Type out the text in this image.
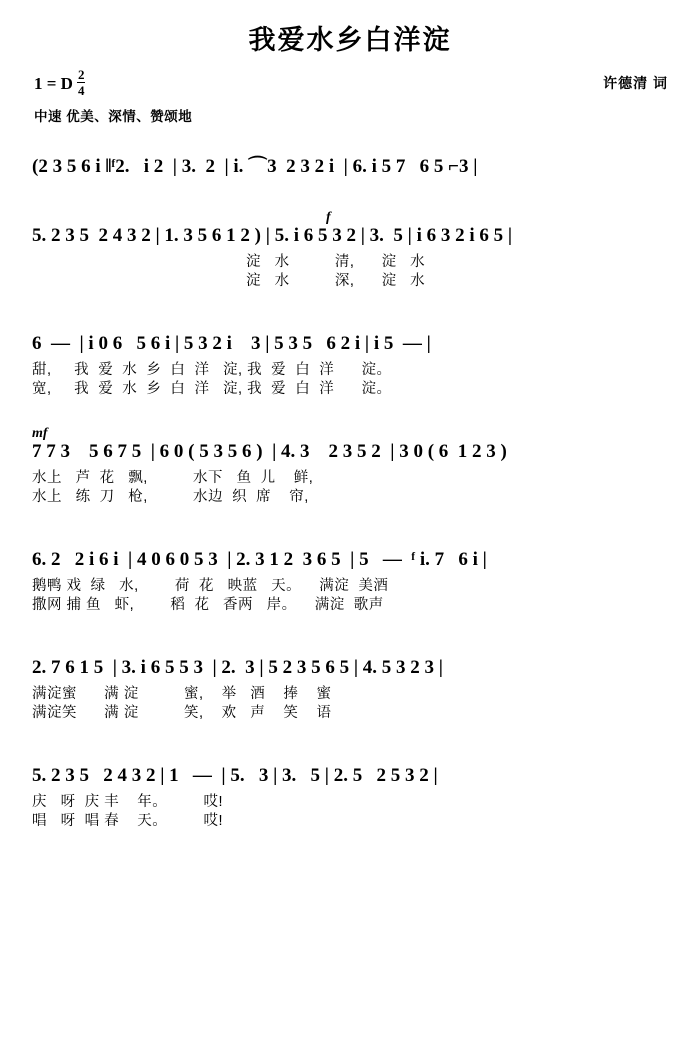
我爱水乡白洋淀
1 = D $\frac{2}{4}$	许德清 词
中速 优美、深情、赞颂地
(2 3 5 6 i ‖ᶠ2.   i 2  | 3.  2  | i. ⌒3  2 3 2 i  | 6. i 5 7   6 5 ⌐3 |
f
5. 2 3 5  2 4 3 2 | 1. 3 5 6 1 2 ) | 5. i 6 5 3 2 | 3.  5 | i 6 3 2 i 6 5 |
淀   水          清,      淀   水
淀   水          深,      淀   水
6  —  | i 0 6   5 6 i | 5 3 2 i    3 | 5 3 5   6 2 i | i 5  — |
甜,     我  爱  水  乡  白  洋   淀, 我  爱  白  洋      淀。
宽,     我  爱  水  乡  白  洋   淀, 我  爱  白  洋      淀。
mf
7 7 3    5 6 7 5  | 6 0 ( 5 3 5 6 )  | 4. 3    2 3 5 2  | 3 0 ( 6  1 2 3 )
水上   芦  花   飘,          水下   鱼  儿    鲜,
水上   练  刀   枪,          水边  织  席    帘,
6. 2   2 i 6 i  | 4 0 6 0 5 3  | 2. 3 1 2  3 6 5  | 5   —  ᶠ i. 7   6 i |
鹅鸭 戏  绿   水,        荷  花   映蓝   天。    满淀  美酒
撒网 捕 鱼   虾,        稻  花   香两   岸。    满淀  歌声
2. 7 6 1 5  | 3. i 6 5 5 3  | 2.  3 | 5 2 3 5 6 5 | 4. 5 3 2 3 |
满淀蜜      满 淀          蜜,    举   酒    捧    蜜
满淀笑      满 淀          笑,    欢   声    笑    语
5. 2 3 5   2 4 3 2 | 1   —  | 5.   3 | 3.   5 | 2. 5   2 5 3 2 |
庆   呀  庆 丰    年。        哎!
唱   呀  唱 春    天。        哎!
